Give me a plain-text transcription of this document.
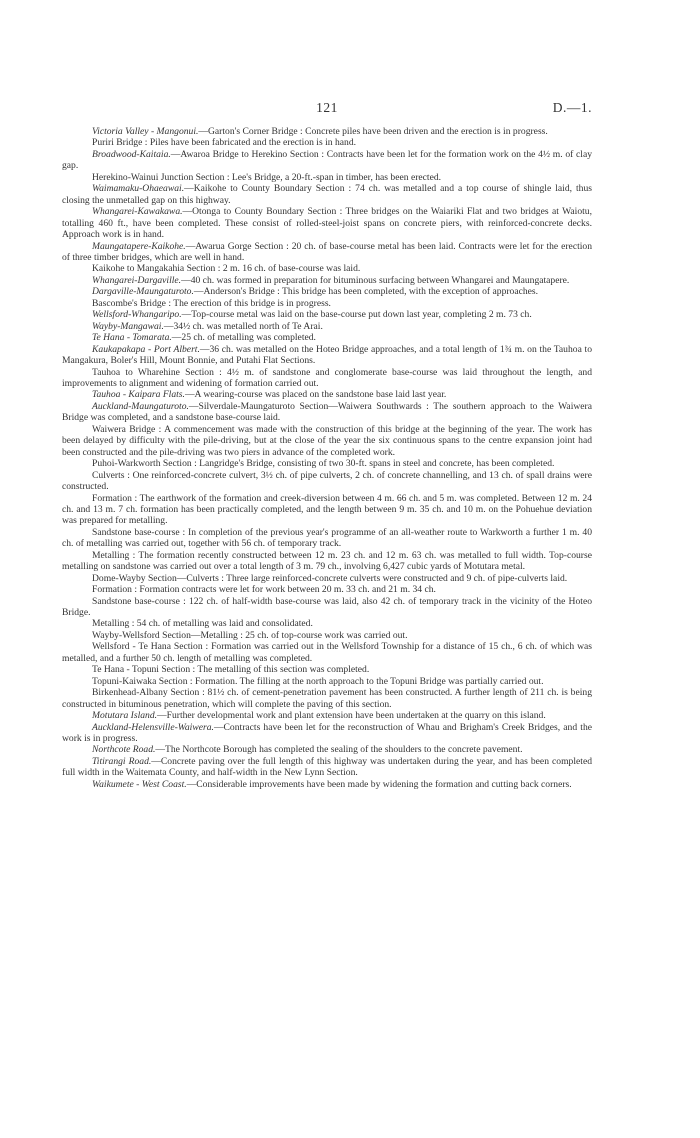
121	D.—1.

Victoria Valley - Mangonui.—Garton's Corner Bridge : Concrete piles have been driven and the erection is in progress.

Puriri Bridge : Piles have been fabricated and the erection is in hand.

Broadwood-Kaitaia.—Awaroa Bridge to Herekino Section : Contracts have been let for the formation work on the 4½ m. of clay gap.

Herekino-Wainui Junction Section : Lee's Bridge, a 20-ft.-span in timber, has been erected.

Waimamaku-Ohaeawai.—Kaikohe to County Boundary Section : 74 ch. was metalled and a top course of shingle laid, thus closing the unmetalled gap on this highway.

Whangarei-Kawakawa.—Otonga to County Boundary Section : Three bridges on the Waiariki Flat and two bridges at Waiotu, totalling 460 ft., have been completed. These consist of rolled-steel-joist spans on concrete piers, with reinforced-concrete decks. Approach work is in hand.

Maungatapere-Kaikohe.—Awarua Gorge Section : 20 ch. of base-course metal has been laid. Contracts were let for the erection of three timber bridges, which are well in hand.

Kaikohe to Mangakahia Section : 2 m. 16 ch. of base-course was laid.

Whangarei-Dargaville.—40 ch. was formed in preparation for bituminous surfacing between Whangarei and Maungatapere.

Dargaville-Maungaturoto.—Anderson's Bridge : This bridge has been completed, with the exception of approaches.

Bascombe's Bridge : The erection of this bridge is in progress.

Wellsford-Whangaripo.—Top-course metal was laid on the base-course put down last year, completing 2 m. 73 ch.

Wayby-Mangawai.—34½ ch. was metalled north of Te Arai.

Te Hana - Tomarata.—25 ch. of metalling was completed.

Kaukapakapa - Port Albert.—36 ch. was metalled on the Hoteo Bridge approaches, and a total length of 1¾ m. on the Tauhoa to Mangakura, Boler's Hill, Mount Bonnie, and Putahi Flat Sections.

Tauhoa to Wharehine Section : 4½ m. of sandstone and conglomerate base-course was laid throughout the length, and improvements to alignment and widening of formation carried out.

Tauhoa - Kaipara Flats.—A wearing-course was placed on the sandstone base laid last year.

Auckland-Maungaturoto.—Silverdale-Maungaturoto Section—Waiwera Southwards : The southern approach to the Waiwera Bridge was completed, and a sandstone base-course laid.

Waiwera Bridge : A commencement was made with the construction of this bridge at the beginning of the year. The work has been delayed by difficulty with the pile-driving, but at the close of the year the six continuous spans to the centre expansion joint had been constructed and the pile-driving was two piers in advance of the completed work.

Puhoi-Warkworth Section : Langridge's Bridge, consisting of two 30-ft. spans in steel and concrete, has been completed.

Culverts : One reinforced-concrete culvert, 3½ ch. of pipe culverts, 2 ch. of concrete channelling, and 13 ch. of spall drains were constructed.

Formation : The earthwork of the formation and creek-diversion between 4 m. 66 ch. and 5 m. was completed. Between 12 m. 24 ch. and 13 m. 7 ch. formation has been practically completed, and the length between 9 m. 35 ch. and 10 m. on the Pohuehue deviation was prepared for metalling.

Sandstone base-course : In completion of the previous year's programme of an all-weather route to Warkworth a further 1 m. 40 ch. of metalling was carried out, together with 56 ch. of temporary track.

Metalling : The formation recently constructed between 12 m. 23 ch. and 12 m. 63 ch. was metalled to full width. Top-course metalling on sandstone was carried out over a total length of 3 m. 79 ch., involving 6,427 cubic yards of Motutara metal.

Dome-Wayby Section—Culverts : Three large reinforced-concrete culverts were constructed and 9 ch. of pipe-culverts laid.

Formation : Formation contracts were let for work between 20 m. 33 ch. and 21 m. 34 ch.

Sandstone base-course : 122 ch. of half-width base-course was laid, also 42 ch. of temporary track in the vicinity of the Hoteo Bridge.

Metalling : 54 ch. of metalling was laid and consolidated.

Wayby-Wellsford Section—Metalling : 25 ch. of top-course work was carried out.

Wellsford - Te Hana Section : Formation was carried out in the Wellsford Township for a distance of 15 ch., 6 ch. of which was metalled, and a further 50 ch. length of metalling was completed.

Te Hana - Topuni Section : The metalling of this section was completed.

Topuni-Kaiwaka Section : Formation. The filling at the north approach to the Topuni Bridge was partially carried out.

Birkenhead-Albany Section : 81½ ch. of cement-penetration pavement has been constructed. A further length of 211 ch. is being constructed in bituminous penetration, which will complete the paving of this section.

Motutara Island.—Further developmental work and plant extension have been undertaken at the quarry on this island.

Auckland-Helensville-Waiwera.—Contracts have been let for the reconstruction of Whau and Brigham's Creek Bridges, and the work is in progress.

Northcote Road.—The Northcote Borough has completed the sealing of the shoulders to the concrete pavement.

Titirangi Road.—Concrete paving over the full length of this highway was undertaken during the year, and has been completed full width in the Waitemata County, and half-width in the New Lynn Section.

Waikumete - West Coast.—Considerable improvements have been made by widening the formation and cutting back corners.
